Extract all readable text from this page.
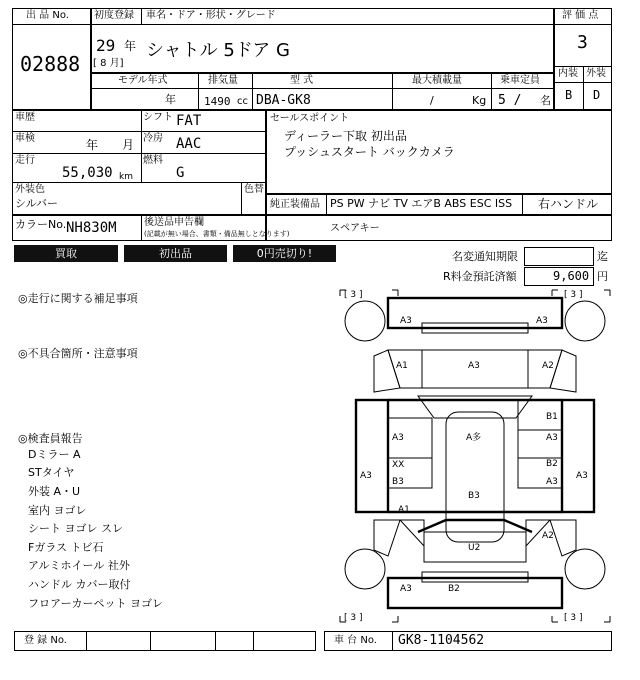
出 品 No.
02888
初度登録 車名・ドア・形状・グレード
29 年
[ 8 月]
シャトル 5ドア G
評 価 点
3
内装 外装
B D
モデル年式	排気量	型 式	最大積載量	乗車定員
年	1490 cc DBA-GK8	/	Kg 5 / 名
車歴	シフト FAT
車検	年 月 冷房 AAC
走行
55,030 km
燃料
G
外装色
シルバー
色替
カラーNo. NH830M	後送品申告欄
(記載が無い場合、書類・備品無しとなります)
セールスポイント
ディーラー下取 初出品
プッシュスタート バックカメラ
純正装備品 PS PW ナビ TV エアB ABS ESC ISS 右ハンドル
スペアキー
買取	初出品	0円売切り!	名変通知期限	迄
R料金預託済額	9,600 円
◎走行に関する補足事項
◎不具合箇所・注意事項
◎検査員報告
Dミラー A
STタイヤ
外装 A・U
室内 ヨゴレ
シート ヨゴレ スレ
Fガラス トビ石
アルミホイール 社外
ハンドル カバー取付
フロアーカーペット ヨゴレ
[ 3 ]	[ 3 ]
[ 3 ]	[ 3 ]
A3	A3
A3
A1	A2
B1
A多
A3	A3
XX	B2
B3	A3
A3	A3
B3
A1
A2
U2
A3	B2
登 録 No.	車 台 No. GK8-1104562
